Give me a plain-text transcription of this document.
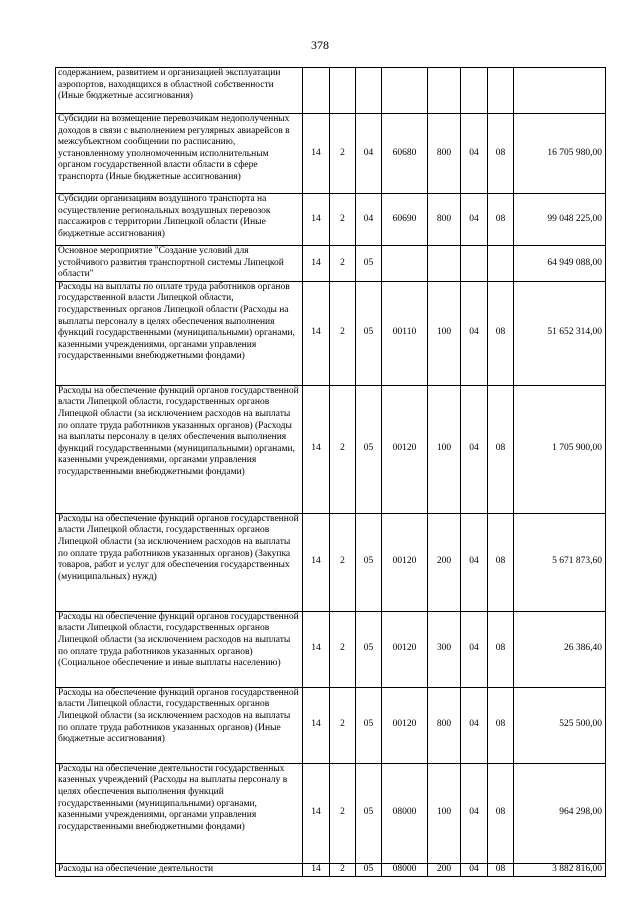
378
содержанием, развитием и организацией эксплуатации аэропортов, находящихся в областной собственности (Иные бюджетные ассигнования)								
Субсидии на возмещение перевозчикам недополученных доходов в связи с выполнением регулярных авиарейсов в межсубъектном сообщении по расписанию, установленному уполномоченным исполнительным органом государственной власти области в сфере транспорта (Иные бюджетные ассигнования)	14	2	04	60680	800	04	08	16 705 980,00
Субсидии организациям воздушного транспорта на осуществление региональных воздушных перевозок пассажиров с территории Липецкой области (Иные бюджетные ассигнования)	14	2	04	60690	800	04	08	99 048 225,00
Основное мероприятие "Создание условий для устойчивого развития транспортной системы Липецкой области"	14	2	05					64 949 088,00
Расходы на выплаты по оплате труда работников органов государственной власти Липецкой области, государственных органов Липецкой области (Расходы на выплаты персоналу в целях обеспечения выполнения функций государственными (муниципальными) органами, казенными учреждениями, органами управления государственными внебюджетными фондами)	14	2	05	00110	100	04	08	51 652 314,00
Расходы на обеспечение функций органов государственной власти Липецкой области, государственных органов Липецкой области (за исключением расходов на выплаты по оплате труда работников указанных органов) (Расходы на выплаты персоналу в целях обеспечения выполнения функций государственными (муниципальными) органами, казенными учреждениями, органами управления государственными внебюджетными фондами)	14	2	05	00120	100	04	08	1 705 900,00
Расходы на обеспечение функций органов государственной власти Липецкой области, государственных органов Липецкой области (за исключением расходов на выплаты по оплате труда работников указанных органов) (Закупка товаров, работ и услуг для обеспечения государственных (муниципальных) нужд)	14	2	05	00120	200	04	08	5 671 873,60
Расходы на обеспечение функций органов государственной власти Липецкой области, государственных органов Липецкой области (за исключением расходов на выплаты по оплате труда работников указанных органов) (Социальное обеспечение и иные выплаты населению)	14	2	05	00120	300	04	08	26 386,40
Расходы на обеспечение функций органов государственной власти Липецкой области, государственных органов Липецкой области (за исключением расходов на выплаты по оплате труда работников указанных органов) (Иные бюджетные ассигнования)	14	2	05	00120	800	04	08	525 500,00
Расходы на обеспечение деятельности государственных казенных учреждений (Расходы на выплаты персоналу в целях обеспечения выполнения функций государственными (муниципальными) органами, казенными учреждениями, органами управления государственными внебюджетными фондами)	14	2	05	08000	100	04	08	964 298,00
Расходы на обеспечение деятельности	14	2	05	08000	200	04	08	3 882 816,00
